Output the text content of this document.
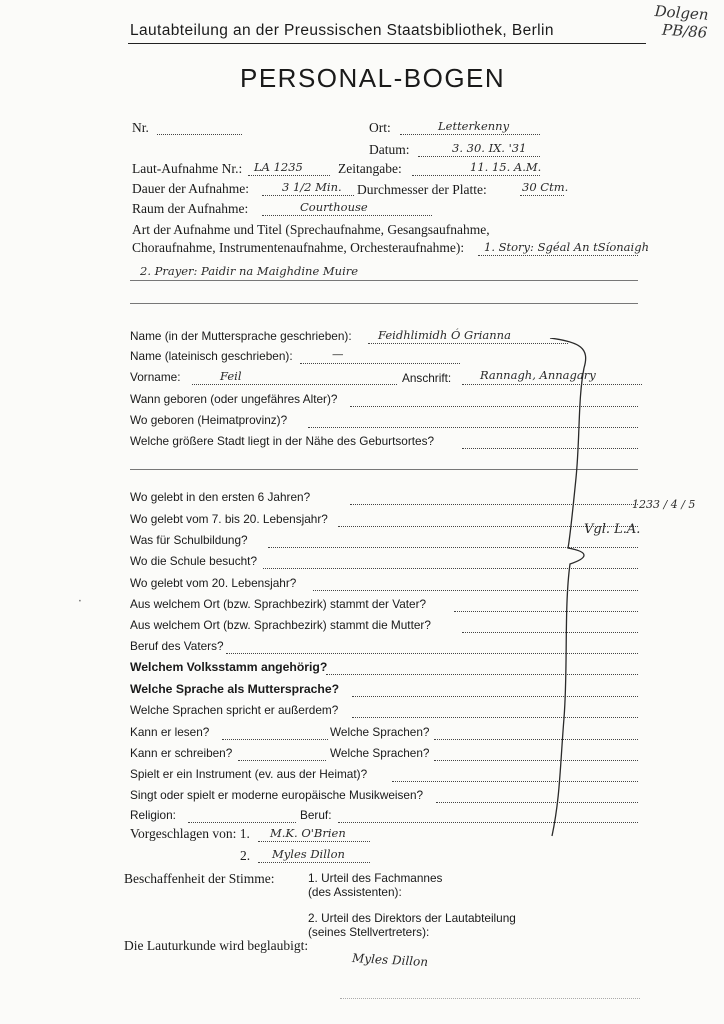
Lautabteilung an der Preussischen Staatsbibliothek, Berlin
PERSONAL-BOGEN
Dolgen
PB/86
Nr.	Ort:	Letterkenny
Datum:	3. 30. IX. '31
Laut-Aufnahme Nr.: LA 1235	Zeitangabe:	11. 15. A.M.
Dauer der Aufnahme:	3 1/2 Min. Durchmesser der Platte:	30 Ctm.
Raum der Aufnahme:	Courthouse
Art der Aufnahme und Titel (Sprechaufnahme, Gesangsaufnahme,
Choraufnahme, Instrumentenaufnahme, Orchesteraufnahme): 1. Story: Sgéal An tSíonaigh
2. Prayer: Paidir na Maighdine Muire
Name (in der Muttersprache geschrieben): Feidhlimidh Ó Grianna
Name (lateinisch geschrieben):	—
Vorname:	Feil	Anschrift:	Rannagh, Annagary
Wann geboren (oder ungefähres Alter)?
Wo geboren (Heimatprovinz)?
Welche größere Stadt liegt in der Nähe des Geburtsortes?
Wo gelebt in den ersten 6 Jahren?
Wo gelebt vom 7. bis 20. Lebensjahr?
Was für Schulbildung?
Wo die Schule besucht?
Wo gelebt vom 20. Lebensjahr?
Aus welchem Ort (bzw. Sprachbezirk) stammt der Vater?
Aus welchem Ort (bzw. Sprachbezirk) stammt die Mutter?
Beruf des Vaters?
Welchem Volksstamm angehörig?
Welche Sprache als Muttersprache?
Welche Sprachen spricht er außerdem?
Kann er lesen?	Welche Sprachen?
Kann er schreiben?	Welche Sprachen?
Spielt er ein Instrument (ev. aus der Heimat)?
Singt oder spielt er moderne europäische Musikweisen?
Religion:	Beruf:
Vorgeschlagen von: 1. M.K. O'Brien
2. Myles Dillon
Beschaffenheit der Stimme:	1. Urteil des Fachmannes
(des Assistenten):
2. Urteil des Direktors der Lautabteilung
(seines Stellvertreters):
Die Lauturkunde wird beglaubigt:
Myles Dillon
1233 / 4 / 5
Vgl. L.A.
‧
